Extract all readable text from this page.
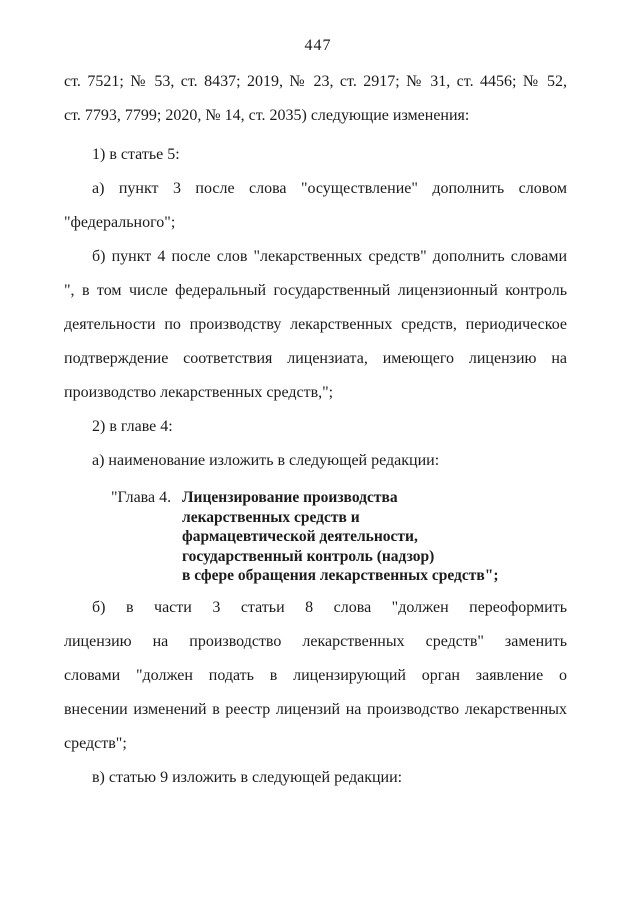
447
ст. 7521; № 53, ст. 8437; 2019, № 23, ст. 2917; № 31, ст. 4456; № 52,
ст. 7793, 7799; 2020, № 14, ст. 2035) следующие изменения:
1) в статье 5:
а) пункт 3 после слова "осуществление" дополнить словом
"федерального";
б) пункт 4 после слов "лекарственных средств" дополнить словами
", в том числе федеральный государственный лицензионный контроль
деятельности по производству лекарственных средств, периодическое
подтверждение соответствия лицензиата, имеющего лицензию на
производство лекарственных средств,";
2) в главе 4:
а) наименование изложить в следующей редакции:
"Глава 4. Лицензирование производства
лекарственных средств и
фармацевтической деятельности,
государственный контроль (надзор)
в сфере обращения лекарственных средств";
б) в части 3 статьи 8 слова "должен переоформить
лицензию на производство лекарственных средств" заменить
словами "должен подать в лицензирующий орган заявление о
внесении изменений в реестр лицензий на производство лекарственных
средств";
в) статью 9 изложить в следующей редакции:
